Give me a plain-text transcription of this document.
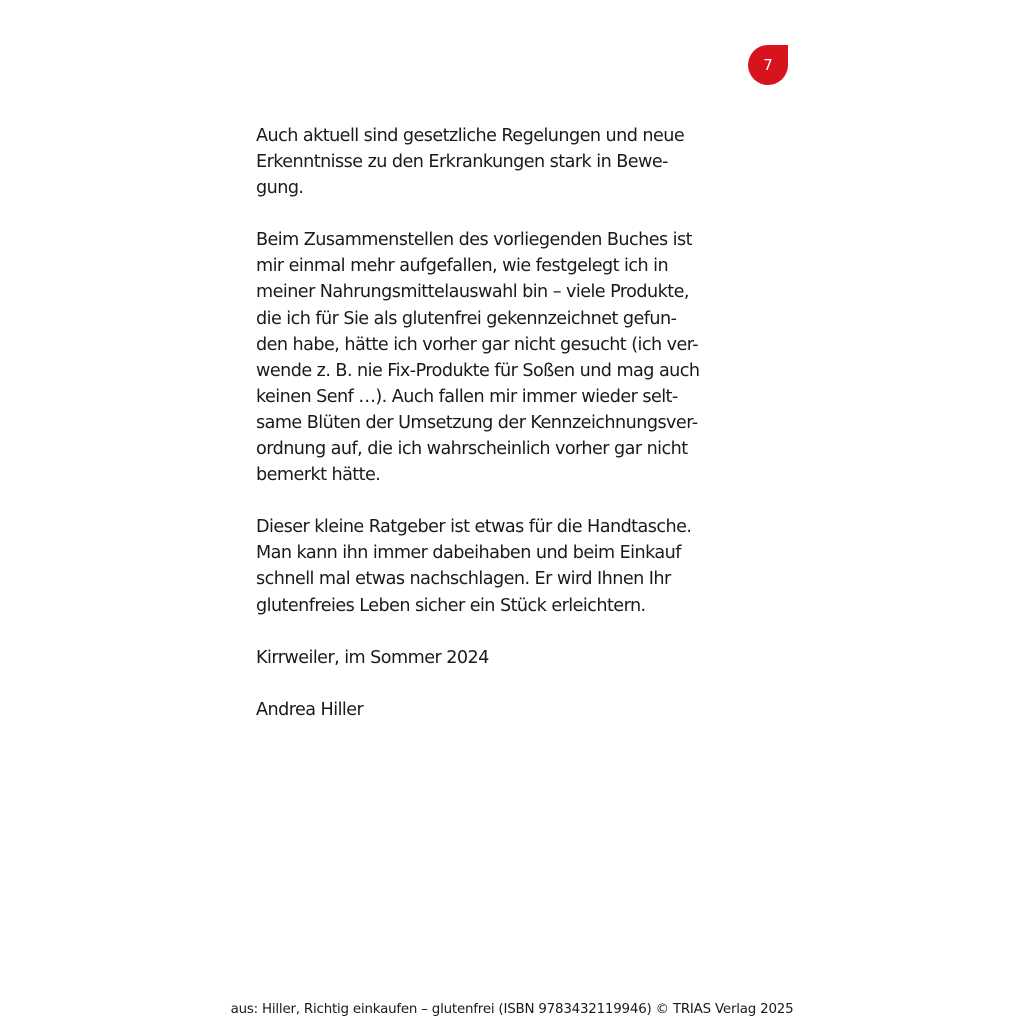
7
Auch aktuell sind gesetzliche Regelungen und neue
Erkenntnisse zu den Erkrankungen stark in Bewe-
gung.
Beim Zusammenstellen des vorliegenden Buches ist
mir einmal mehr aufgefallen, wie festgelegt ich in
meiner Nahrungsmittelauswahl bin – viele Produkte,
die ich für Sie als glutenfrei gekennzeichnet gefun-
den habe, hätte ich vorher gar nicht gesucht (ich ver-
wende z. B. nie Fix-Produkte für Soßen und mag auch
keinen Senf …). Auch fallen mir immer wieder selt-
same Blüten der Umsetzung der Kennzeichnungsver-
ordnung auf, die ich wahrscheinlich vorher gar nicht
bemerkt hätte.
Dieser kleine Ratgeber ist etwas für die Handtasche.
Man kann ihn immer dabeihaben und beim Einkauf
schnell mal etwas nachschlagen. Er wird Ihnen Ihr
glutenfreies Leben sicher ein Stück erleichtern.
Kirrweiler, im Sommer 2024
Andrea Hiller
aus: Hiller, Richtig einkaufen – glutenfrei (ISBN 9783432119946) © TRIAS Verlag 2025
